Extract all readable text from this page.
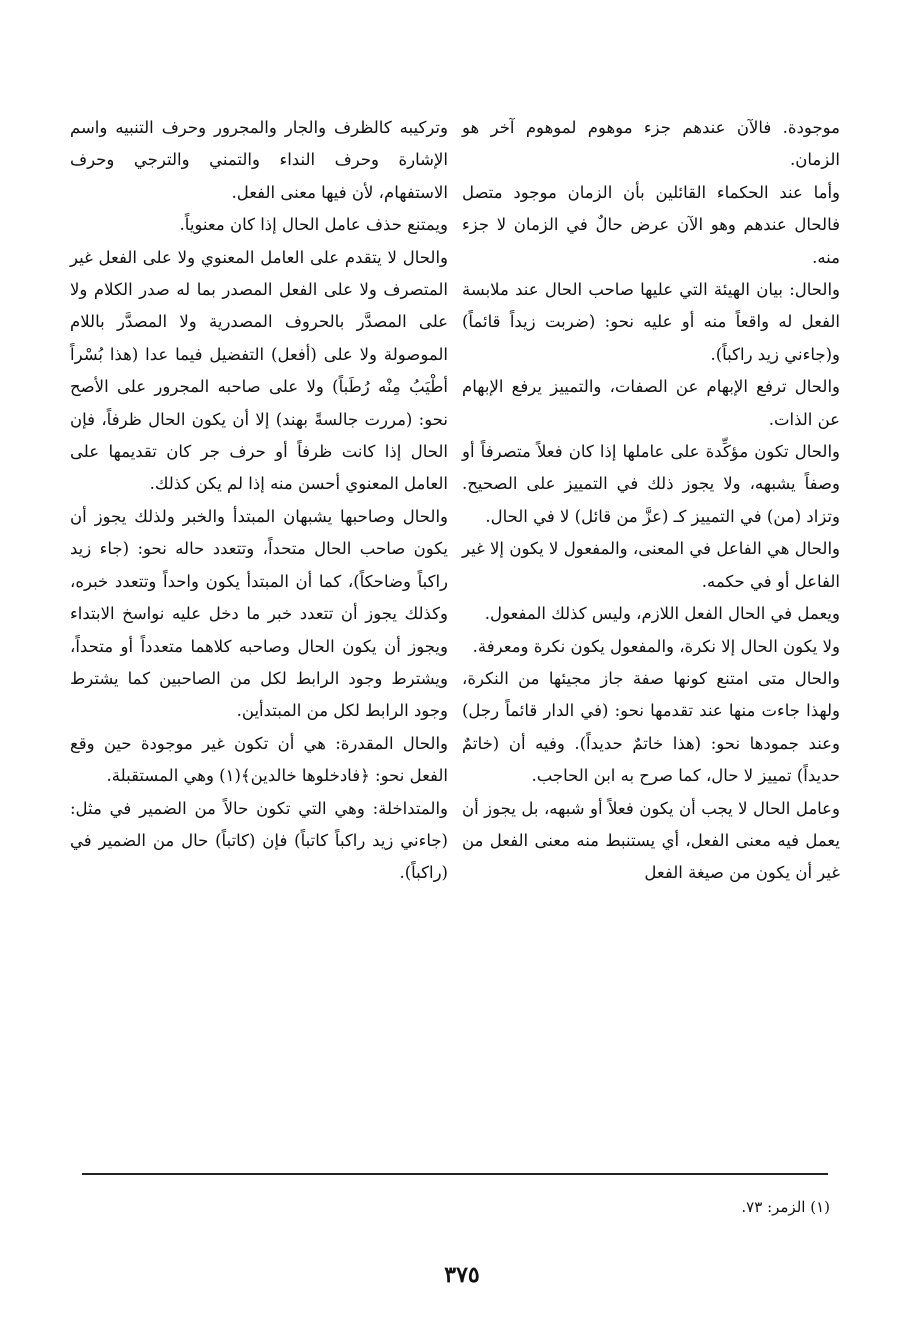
موجودة. فالآن عندهم جزء موهوم لموهوم آخر هو الزمان.

وأما عند الحكماء القائلين بأن الزمان موجود متصل فالحال عندهم وهو الآن عرض حالٌ في الزمان لا جزء منه.

والحال: بيان الهيئة التي عليها صاحب الحال عند ملابسة الفعل له واقعاً منه أو عليه نحو: (ضربت زيداً قائماً) و(جاءني زيد راكباً).

والحال ترفع الإبهام عن الصفات، والتمييز يرفع الإبهام عن الذات.

والحال تكون مؤكِّدة على عاملها إذا كان فعلاً متصرفاً أو وصفاً يشبهه، ولا يجوز ذلك في التمييز على الصحيح. وتزاد (من) في التمييز كـ (عزَّ من قائل) لا في الحال.

والحال هي الفاعل في المعنى، والمفعول لا يكون إلا غير الفاعل أو في حكمه.

ويعمل في الحال الفعل اللازم، وليس كذلك المفعول.

ولا يكون الحال إلا نكرة، والمفعول يكون نكرة ومعرفة.

والحال متى امتنع كونها صفة جاز مجيئها من النكرة، ولهذا جاءت منها عند تقدمها نحو: (في الدار قائماً رجل) وعند جمودها نحو: (هذا خاتمٌ حديداً). وفيه أن (خاتمٌ حديداً) تمييز لا حال، كما صرح به ابن الحاجب.

وعامل الحال لا يجب أن يكون فعلاً أو شبهه، بل يجوز أن يعمل فيه معنى الفعل، أي يستنبط منه معنى الفعل من غير أن يكون من صيغة الفعل

وتركيبه كالظرف والجار والمجرور وحرف التنبيه واسم الإشارة وحرف النداء والتمني والترجي وحرف الاستفهام، لأن فيها معنى الفعل.

ويمتنع حذف عامل الحال إذا كان معنوياً.

والحال لا يتقدم على العامل المعنوي ولا على الفعل غير المتصرف ولا على الفعل المصدر بما له صدر الكلام ولا على المصدَّر بالحروف المصدرية ولا المصدَّر باللام الموصولة ولا على (أفعل) التفضيل فيما عدا (هذا بُسْراً أطْيَبُ مِنْه رُطَباً) ولا على صاحبه المجرور على الأصح نحو: (مررت جالسةً بهند) إلا أن يكون الحال ظرفاً، فإن الحال إذا كانت ظرفاً أو حرف جر كان تقديمها على العامل المعنوي أحسن منه إذا لم يكن كذلك.

والحال وصاحبها يشبهان المبتدأ والخبر ولذلك يجوز أن يكون صاحب الحال متحداً، وتتعدد حاله نحو: (جاء زيد راكباً وضاحكاً)، كما أن المبتدأ يكون واحداً وتتعدد خبره، وكذلك يجوز أن تتعدد خبر ما دخل عليه نواسخ الابتداء ويجوز أن يكون الحال وصاحبه كلاهما متعدداً أو متحداً، ويشترط وجود الرابط لكل من الصاحبين كما يشترط وجود الرابط لكل من المبتدأين.

والحال المقدرة: هي أن تكون غير موجودة حين وقع الفعل نحو: ﴿فادخلوها خالدين﴾(١) وهي المستقبلة.

والمتداخلة: وهي التي تكون حالاً من الضمير في مثل: (جاءني زيد راكباً كاتباً) فإن (كاتباً) حال من الضمير في (راكباً).

(١) الزمر: ٧٣.
٣٧٥
